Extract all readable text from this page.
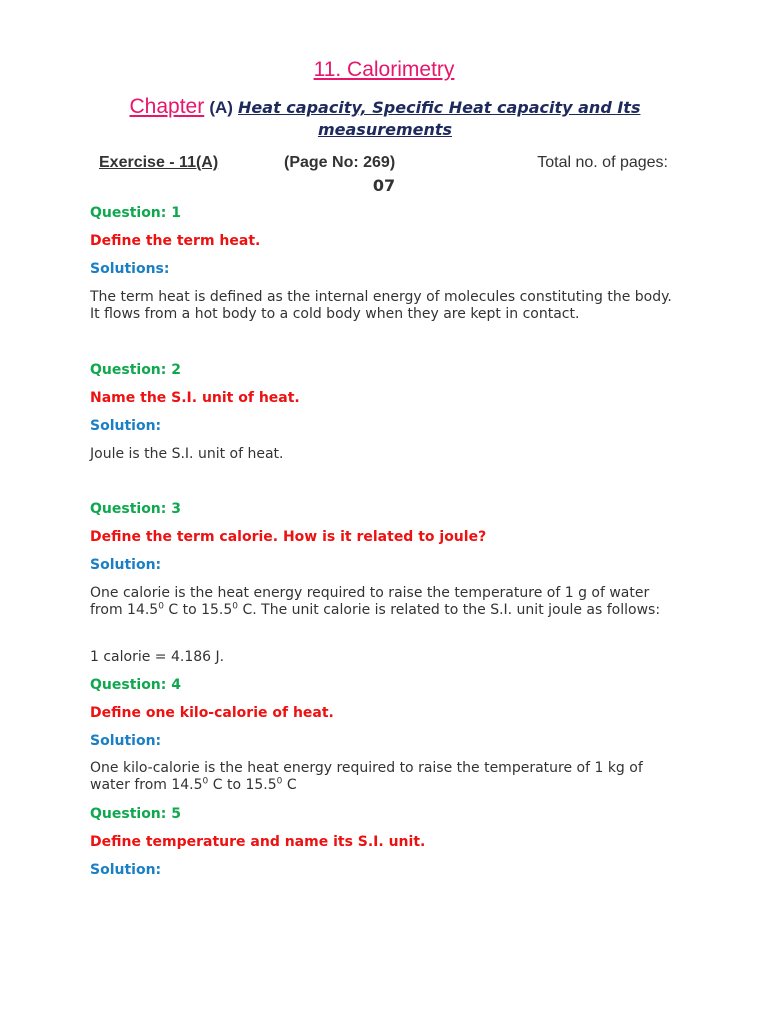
11. Calorimetry
Chapter (A) Heat capacity, Specific Heat capacity and Its measurements
Exercise - 11(A)	(Page No: 269)	Total no. of pages:
07
Question: 1
Define the term heat.
Solutions:
The term heat is defined as the internal energy of molecules constituting the body. It flows from a hot body to a cold body when they are kept in contact.
Question: 2
Name the S.I. unit of heat.
Solution:
Joule is the S.I. unit of heat.
Question: 3
Define the term calorie. How is it related to joule?
Solution:
One calorie is the heat energy required to raise the temperature of 1 g of water from 14.5$^0$ C to 15.5$^0$ C. The unit calorie is related to the S.I. unit joule as follows:
1 calorie = 4.186 J.
Question: 4
Define one kilo-calorie of heat.
Solution:
One kilo-calorie is the heat energy required to raise the temperature of 1 kg of water from 14.5$^0$ C to 15.5$^0$ C
Question: 5
Define temperature and name its S.I. unit.
Solution:
